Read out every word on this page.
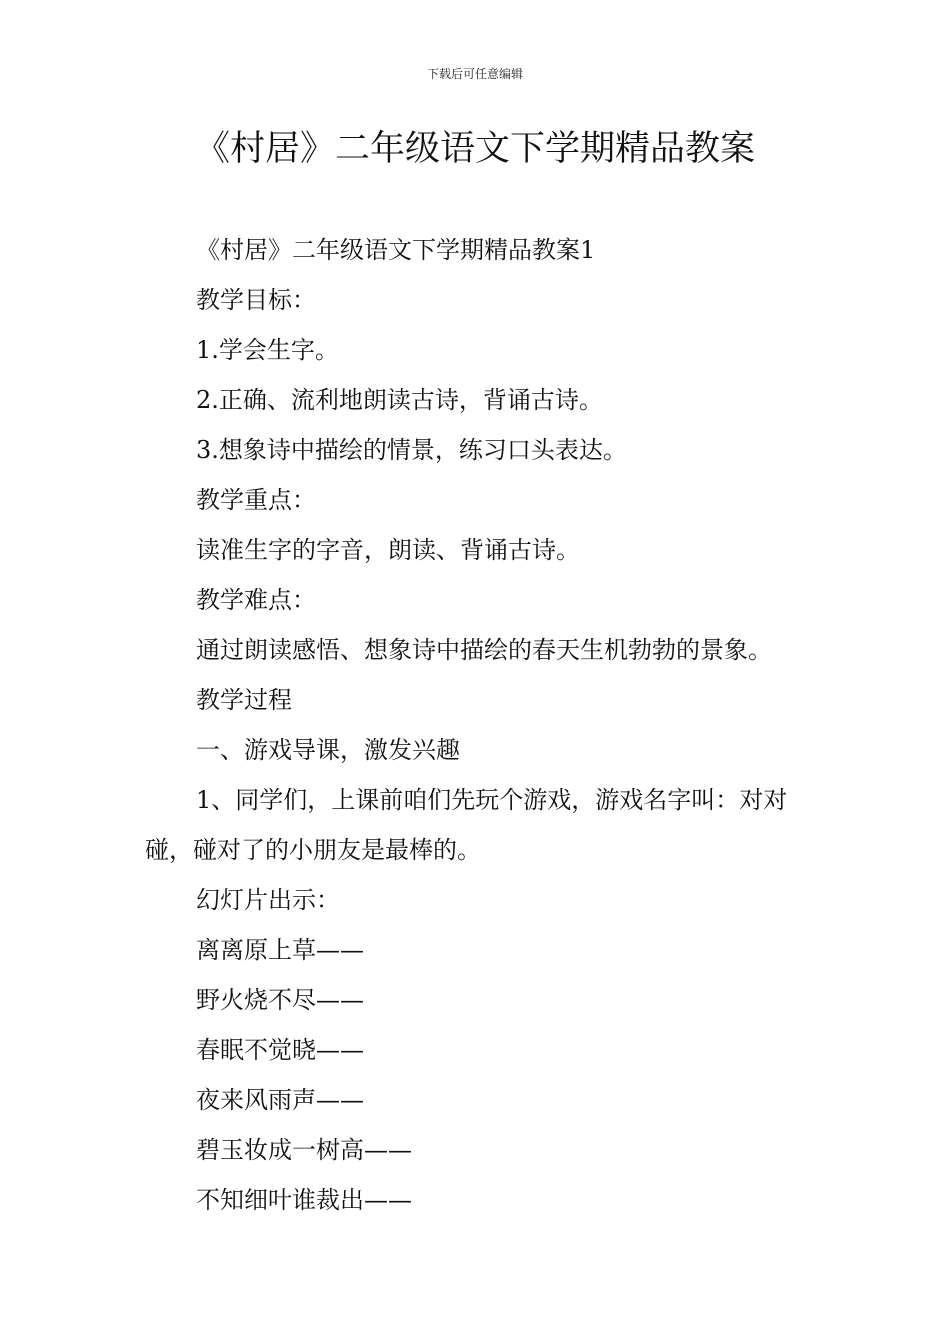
下载后可任意编辑
《村居》二年级语文下学期精品教案

《村居》二年级语文下学期精品教案1

教学目标：

1.学会生字。

2.正确、流利地朗读古诗，背诵古诗。

3.想象诗中描绘的情景，练习口头表达。

教学重点：

读准生字的字音，朗读、背诵古诗。

教学难点：

通过朗读感悟、想象诗中描绘的春天生机勃勃的景象。

教学过程

一、游戏导课，激发兴趣

1、同学们，上课前咱们先玩个游戏，游戏名字叫：对对碰，碰对了的小朋友是最棒的。

幻灯片出示：

离离原上草——

野火烧不尽——

春眠不觉晓——

夜来风雨声——

碧玉妆成一树高——

不知细叶谁裁出——
